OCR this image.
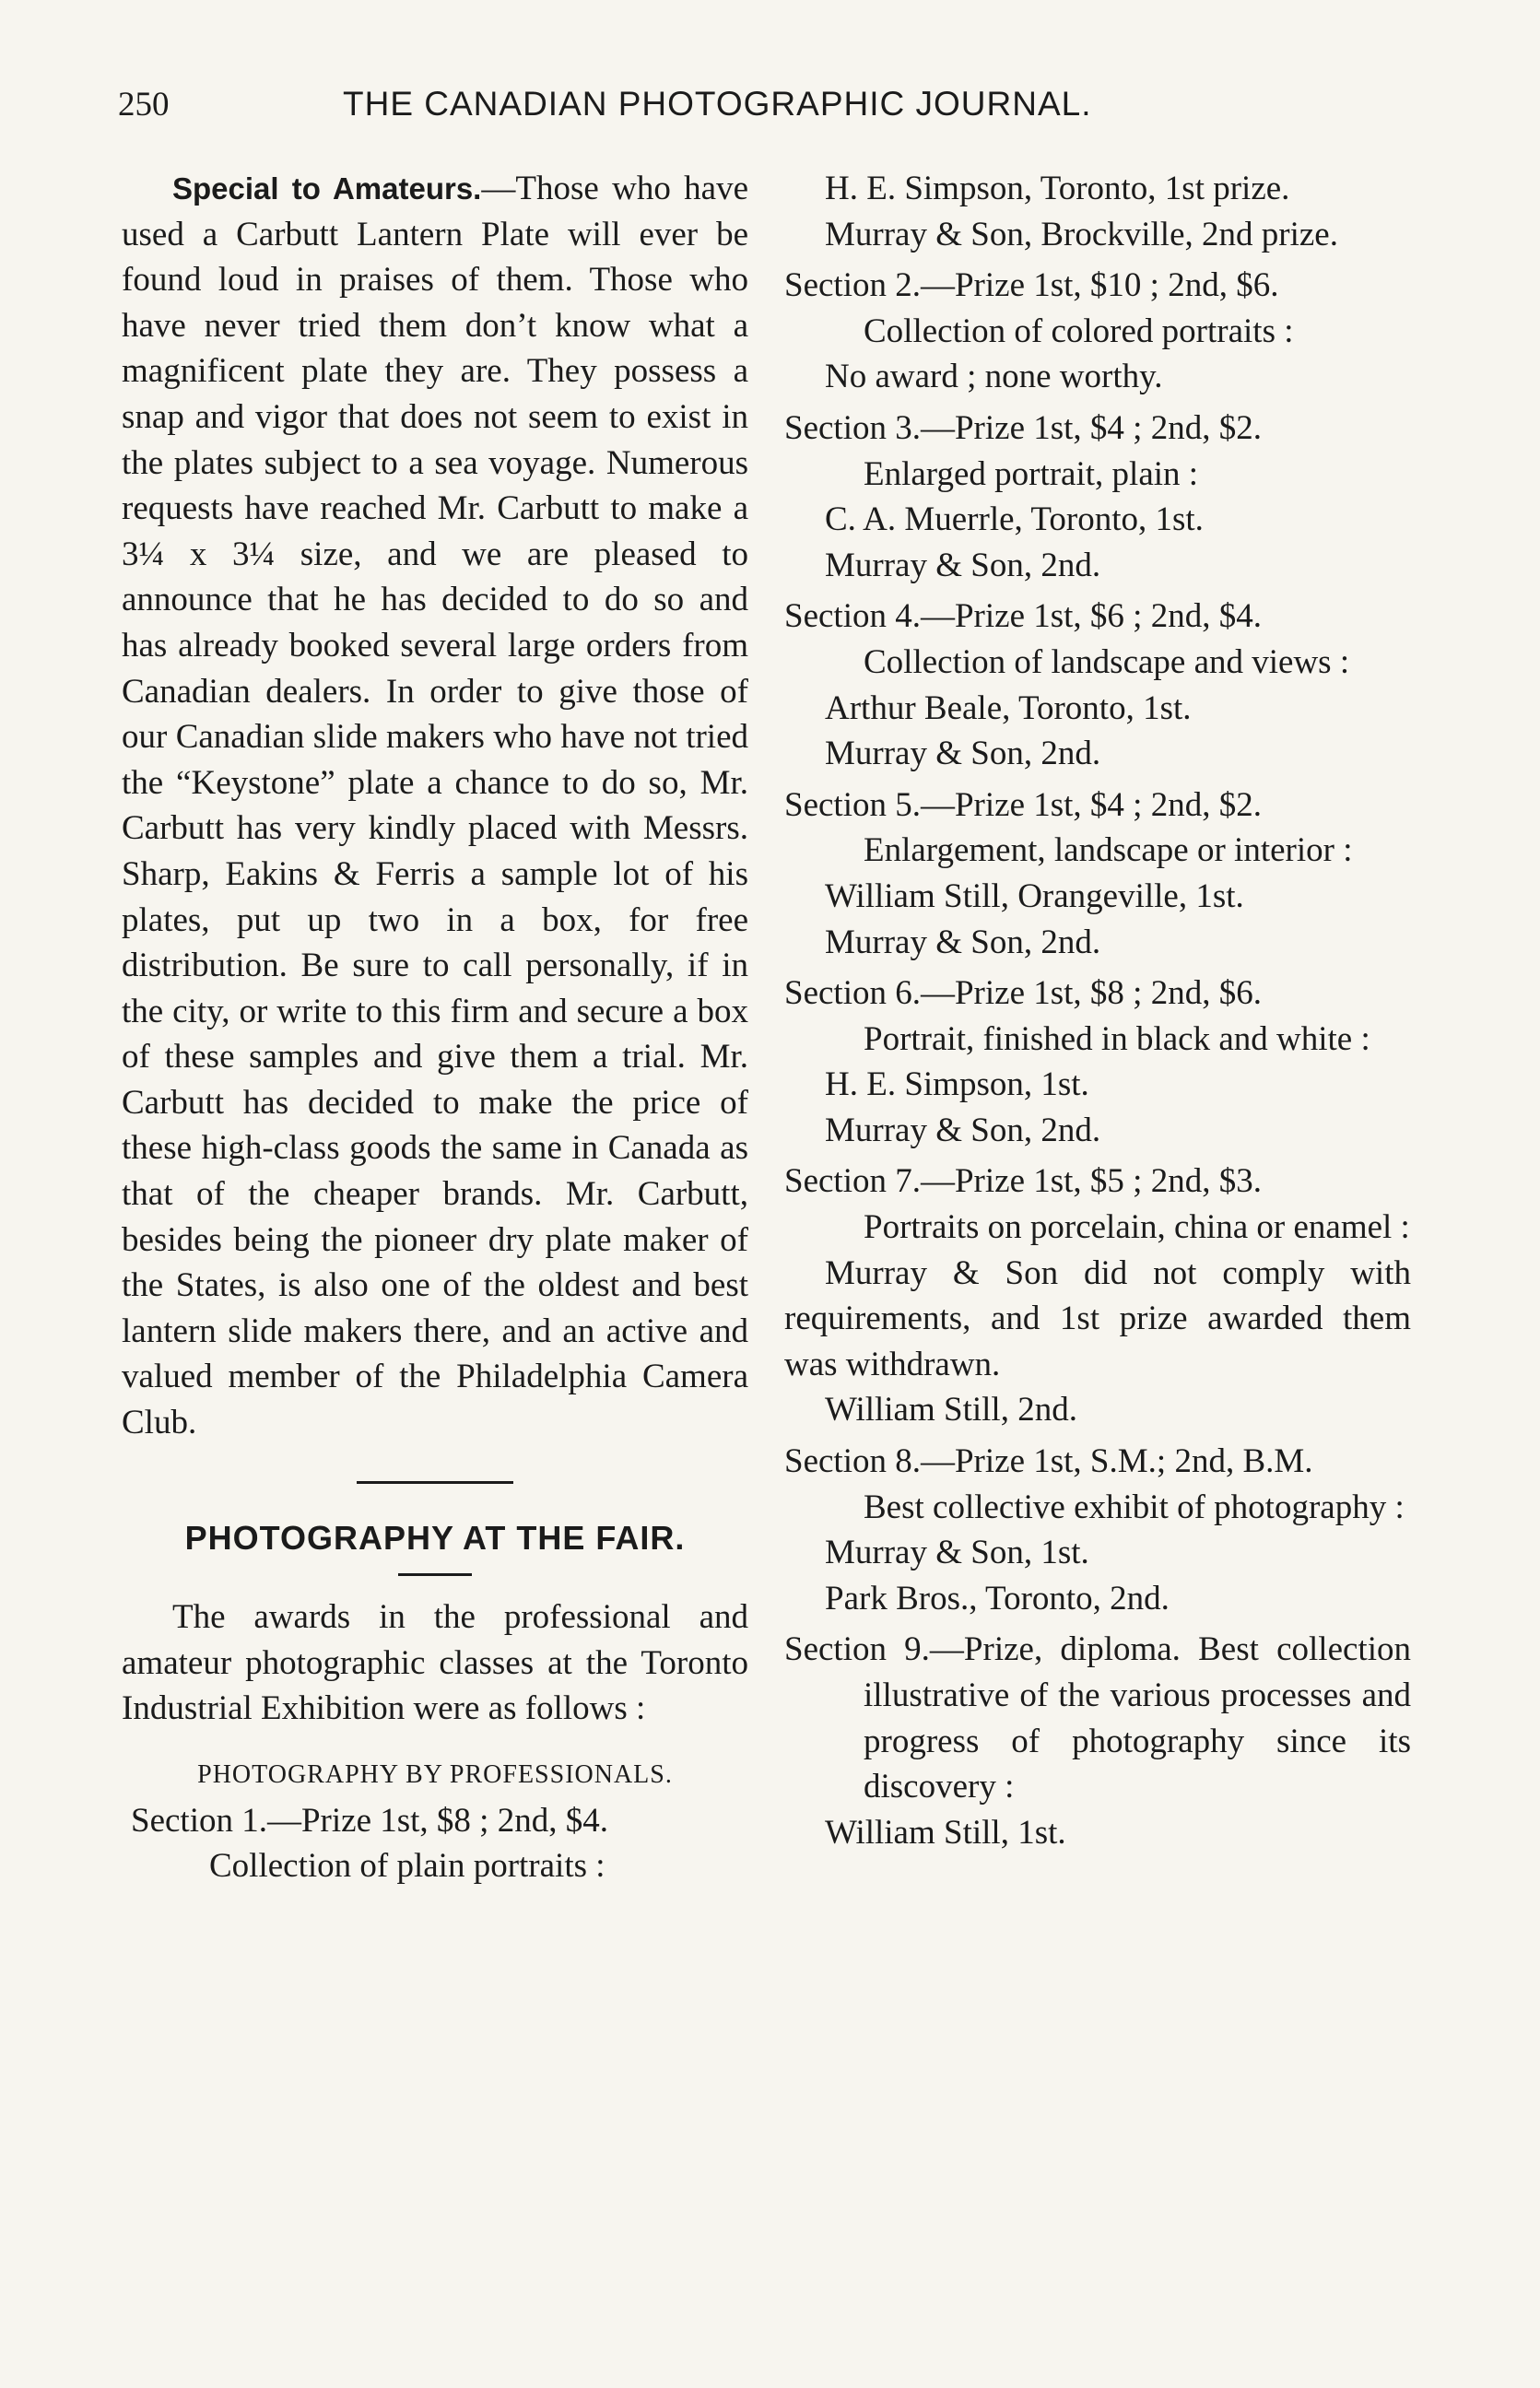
250	THE CANADIAN PHOTOGRAPHIC JOURNAL.

Special to Amateurs.—Those who have used a Carbutt Lantern Plate will ever be found loud in praises of them. Those who have never tried them don’t know what a magnificent plate they are. They possess a snap and vigor that does not seem to exist in the plates subject to a sea voyage. Numerous requests have reached Mr. Carbutt to make a 3¼ x 3¼ size, and we are pleased to announce that he has decided to do so and has already booked several large orders from Canadian dealers. In order to give those of our Canadian slide makers who have not tried the “Keystone” plate a chance to do so, Mr. Carbutt has very kindly placed with Messrs. Sharp, Eakins & Ferris a sample lot of his plates, put up two in a box, for free distribution. Be sure to call personally, if in the city, or write to this firm and secure a box of these samples and give them a trial. Mr. Carbutt has decided to make the price of these high-class goods the same in Canada as that of the cheaper brands. Mr. Carbutt, besides being the pioneer dry plate maker of the States, is also one of the oldest and best lantern slide makers there, and an active and valued member of the Philadelphia Camera Club.

PHOTOGRAPHY AT THE FAIR.

The awards in the professional and amateur photographic classes at the Toronto Industrial Exhibition were as follows :

PHOTOGRAPHY BY PROFESSIONALS.

Section 1.—Prize 1st, $8 ; 2nd, $4.

Collection of plain portraits :

H. E. Simpson, Toronto, 1st prize.

Murray & Son, Brockville, 2nd prize.

Section 2.—Prize 1st, $10 ; 2nd, $6.

Collection of colored portraits :

No award ; none worthy.

Section 3.—Prize 1st, $4 ; 2nd, $2.

Enlarged portrait, plain :

C. A. Muerrle, Toronto, 1st.

Murray & Son, 2nd.

Section 4.—Prize 1st, $6 ; 2nd, $4.

Collection of landscape and views :

Arthur Beale, Toronto, 1st.

Murray & Son, 2nd.

Section 5.—Prize 1st, $4 ; 2nd, $2.

Enlargement, landscape or interior :

William Still, Orangeville, 1st.

Murray & Son, 2nd.

Section 6.—Prize 1st, $8 ; 2nd, $6.

Portrait, finished in black and white :

H. E. Simpson, 1st.

Murray & Son, 2nd.

Section 7.—Prize 1st, $5 ; 2nd, $3.

Portraits on porcelain, china or enamel :

Murray & Son did not comply with requirements, and 1st prize awarded them was withdrawn.

William Still, 2nd.

Section 8.—Prize 1st, S.M.; 2nd, B.M.

Best collective exhibit of photography :

Murray & Son, 1st.

Park Bros., Toronto, 2nd.

Section 9.—Prize, diploma. Best collection illustrative of the various processes and progress of photography since its discovery :

William Still, 1st.
